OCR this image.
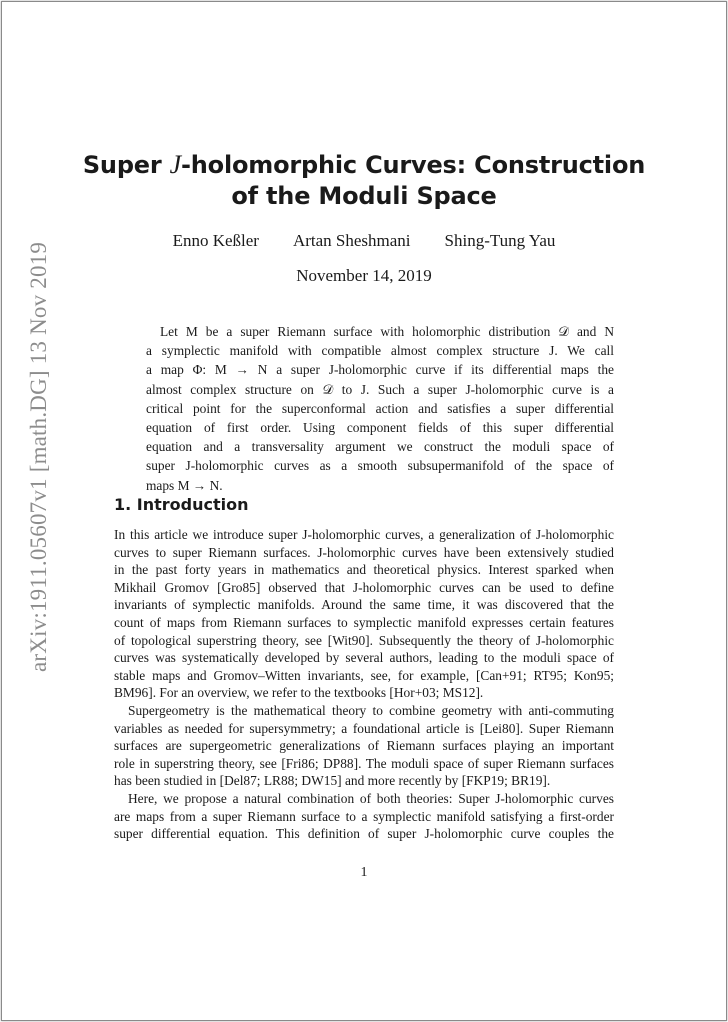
arXiv:1911.05607v1 [math.DG] 13 Nov 2019
Super J-holomorphic Curves: Construction
of the Moduli Space
Enno Keßler Artan Sheshmani Shing-Tung Yau
November 14, 2019
Let M be a super Riemann surface with holomorphic distribution 𝒟 and N
a symplectic manifold with compatible almost complex structure J. We call
a map Φ: M → N a super J-holomorphic curve if its differential maps the
almost complex structure on 𝒟 to J. Such a super J-holomorphic curve is a
critical point for the superconformal action and satisfies a super differential
equation of first order. Using component fields of this super differential
equation and a transversality argument we construct the moduli space of
super J-holomorphic curves as a smooth subsupermanifold of the space of
maps M → N.
1. Introduction
In this article we introduce super J-holomorphic curves, a generalization of J-holomorphic
curves to super Riemann surfaces. J-holomorphic curves have been extensively studied
in the past forty years in mathematics and theoretical physics. Interest sparked when
Mikhail Gromov [Gro85] observed that J-holomorphic curves can be used to define
invariants of symplectic manifolds. Around the same time, it was discovered that the
count of maps from Riemann surfaces to symplectic manifold expresses certain features
of topological superstring theory, see [Wit90]. Subsequently the theory of J-holomorphic
curves was systematically developed by several authors, leading to the moduli space of
stable maps and Gromov–Witten invariants, see, for example, [Can+91; RT95; Kon95;
BM96]. For an overview, we refer to the textbooks [Hor+03; MS12].
Supergeometry is the mathematical theory to combine geometry with anti-commuting
variables as needed for supersymmetry; a foundational article is [Lei80]. Super Riemann
surfaces are supergeometric generalizations of Riemann surfaces playing an important
role in superstring theory, see [Fri86; DP88]. The moduli space of super Riemann surfaces
has been studied in [Del87; LR88; DW15] and more recently by [FKP19; BR19].
Here, we propose a natural combination of both theories: Super J-holomorphic curves
are maps from a super Riemann surface to a symplectic manifold satisfying a first-order
super differential equation. This definition of super J-holomorphic curve couples the
1
